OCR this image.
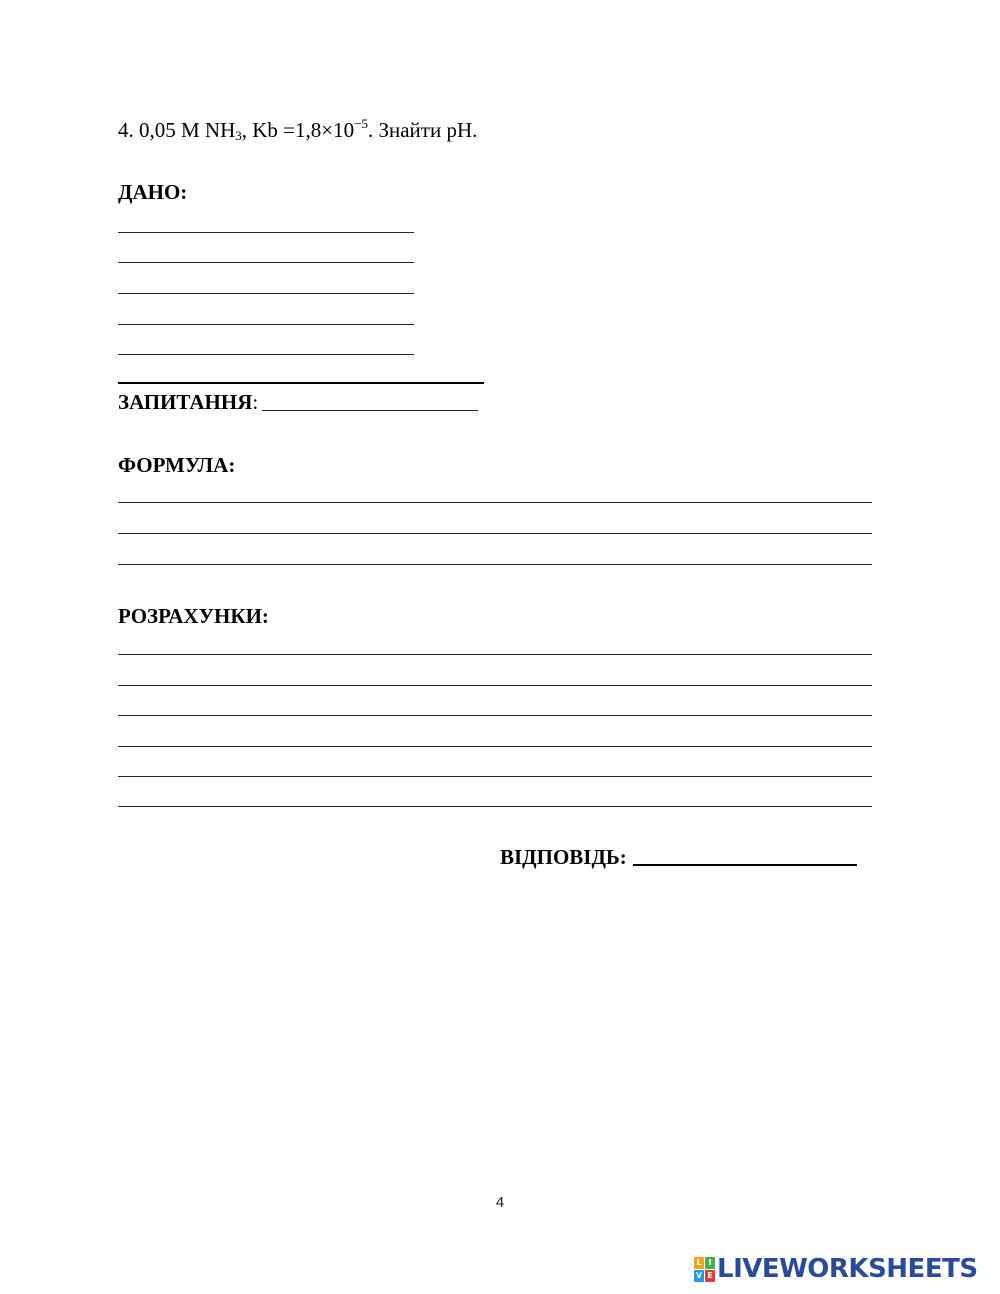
4. 0,05 M $NH_3$, $Kb =1,8\times 10^{-5}$. Знайти pH.
ДАНО:
ЗАПИТАННЯ:
ФОРМУЛА:
РОЗРАХУНКИ:
ВІДПОВІДЬ:
4
L I
V E LIVEWORKSHEETS
